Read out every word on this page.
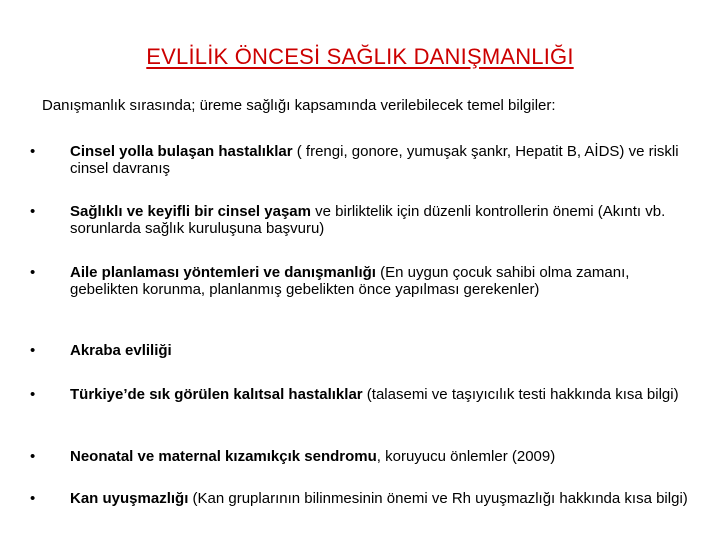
EVLİLİK ÖNCESİ SAĞLIK DANIŞMANLIĞI
Danışmanlık sırasında; üreme sağlığı kapsamında verilebilecek temel bilgiler:
•	Cinsel yolla bulaşan hastalıklar ( frengi, gonore, yumuşak şankr, Hepatit B, AİDS) ve riskli cinsel davranış
•	Sağlıklı ve keyifli bir cinsel yaşam ve birliktelik için düzenli kontrollerin önemi (Akıntı vb. sorunlarda sağlık kuruluşuna başvuru)
•	Aile planlaması yöntemleri ve danışmanlığı (En uygun çocuk sahibi olma zamanı, gebelikten korunma, planlanmış gebelikten önce yapılması gerekenler)
•	Akraba evliliği
•	Türkiye’de sık görülen kalıtsal hastalıklar (talasemi ve taşıyıcılık testi hakkında kısa bilgi)
•	Neonatal ve maternal kızamıkçık sendromu, koruyucu önlemler (2009)
•	Kan uyuşmazlığı (Kan gruplarının bilinmesinin önemi ve Rh uyuşmazlığı hakkında kısa bilgi)
